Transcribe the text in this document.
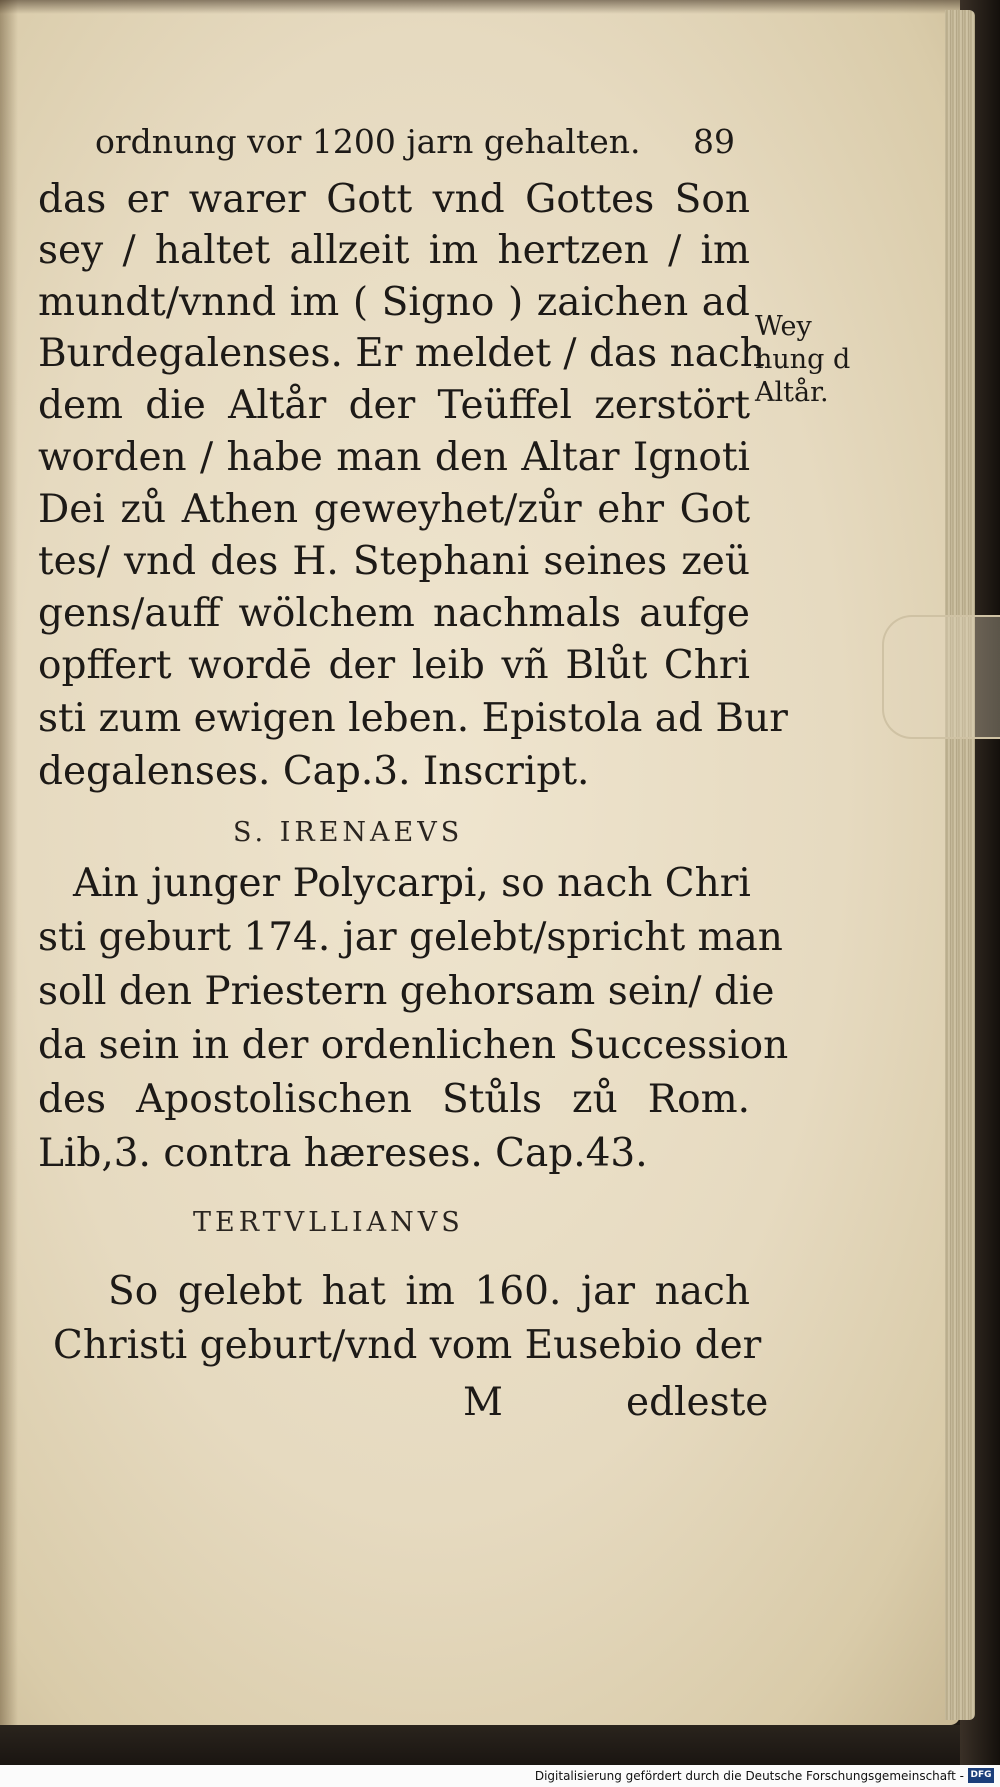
ordnung vor 1200 jarn gehalten. 89
das er warer Gott vnd Gottes Son
sey / haltet allzeit im hertzen / im
mundt/vnnd im ( Signo ) zaichen ad
Burdegalenses. Er meldet / das nach
dem die Altår der Teüffel zerstört
worden / habe man den Altar Ignoti
Dei zů Athen geweyhet/zůr ehr Got
tes/ vnd des H. Stephani seines zeü
gens/auff wölchem nachmals aufge
opffert wordē der leib vñ Blůt Chri
sti zum ewigen leben. Epistola ad Bur
degalenses. Cap.3. Inscript.
S. IRENAEVS
Ain junger Polycarpi, so nach Chri
sti geburt 174. jar gelebt/spricht man
soll den Priestern gehorsam sein/ die
da sein in der ordenlichen Succession
des Apostolischen Stůls zů Rom.
Lib,3. contra hæreses. Cap.43.
TERTVLLIANVS
So gelebt hat im 160. jar nach
Christi geburt/vnd vom Eusebio der
M	edleste
Wey
hung d
Altår.
Digitalisierung gefördert durch die Deutsche Forschungsgemeinschaft - DFG
